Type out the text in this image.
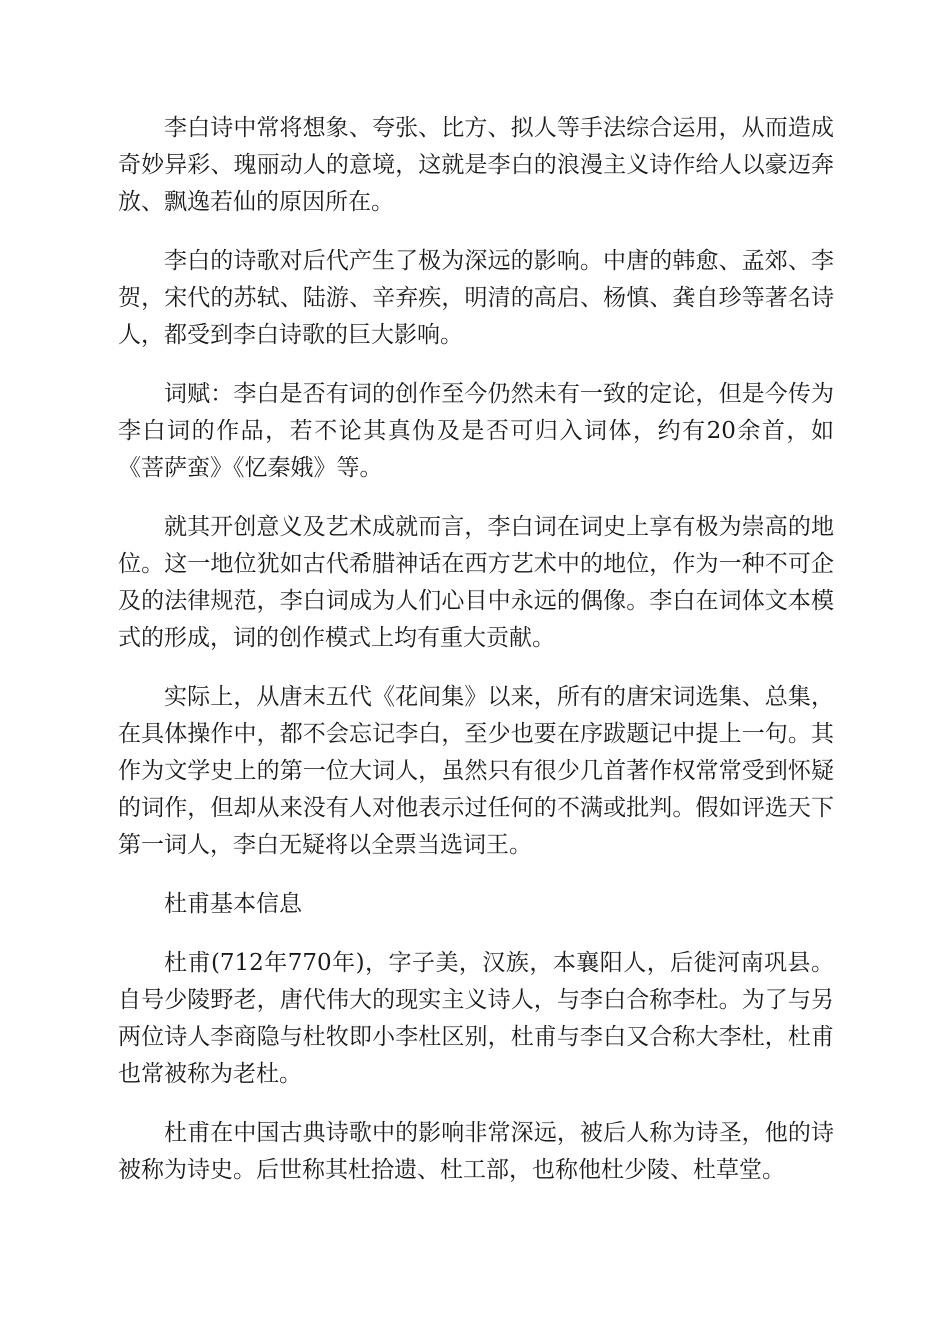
李白诗中常将想象、夸张、比方、拟人等手法综合运用，从而造成奇妙异彩、瑰丽动人的意境，这就是李白的浪漫主义诗作给人以豪迈奔放、飘逸若仙的原因所在。

李白的诗歌对后代产生了极为深远的影响。中唐的韩愈、孟郊、李贺，宋代的苏轼、陆游、辛弃疾，明清的高启、杨慎、龚自珍等著名诗人，都受到李白诗歌的巨大影响。

词赋：李白是否有词的创作至今仍然未有一致的定论，但是今传为李白词的作品，若不论其真伪及是否可归入词体，约有20余首，如《菩萨蛮》《忆秦娥》等。

就其开创意义及艺术成就而言，李白词在词史上享有极为崇高的地位。这一地位犹如古代希腊神话在西方艺术中的地位，作为一种不可企及的法律规范，李白词成为人们心目中永远的偶像。李白在词体文本模式的形成，词的创作模式上均有重大贡献。

实际上，从唐末五代《花间集》以来，所有的唐宋词选集、总集，在具体操作中，都不会忘记李白，至少也要在序跋题记中提上一句。其作为文学史上的第一位大词人，虽然只有很少几首著作权常常受到怀疑的词作，但却从来没有人对他表示过任何的不满或批判。假如评选天下第一词人，李白无疑将以全票当选词王。

杜甫基本信息

杜甫(712年770年)，字子美，汉族，本襄阳人，后徙河南巩县。自号少陵野老，唐代伟大的现实主义诗人，与李白合称李杜。为了与另两位诗人李商隐与杜牧即小李杜区别，杜甫与李白又合称大李杜，杜甫也常被称为老杜。

杜甫在中国古典诗歌中的影响非常深远，被后人称为诗圣，他的诗被称为诗史。后世称其杜拾遗、杜工部，也称他杜少陵、杜草堂。
